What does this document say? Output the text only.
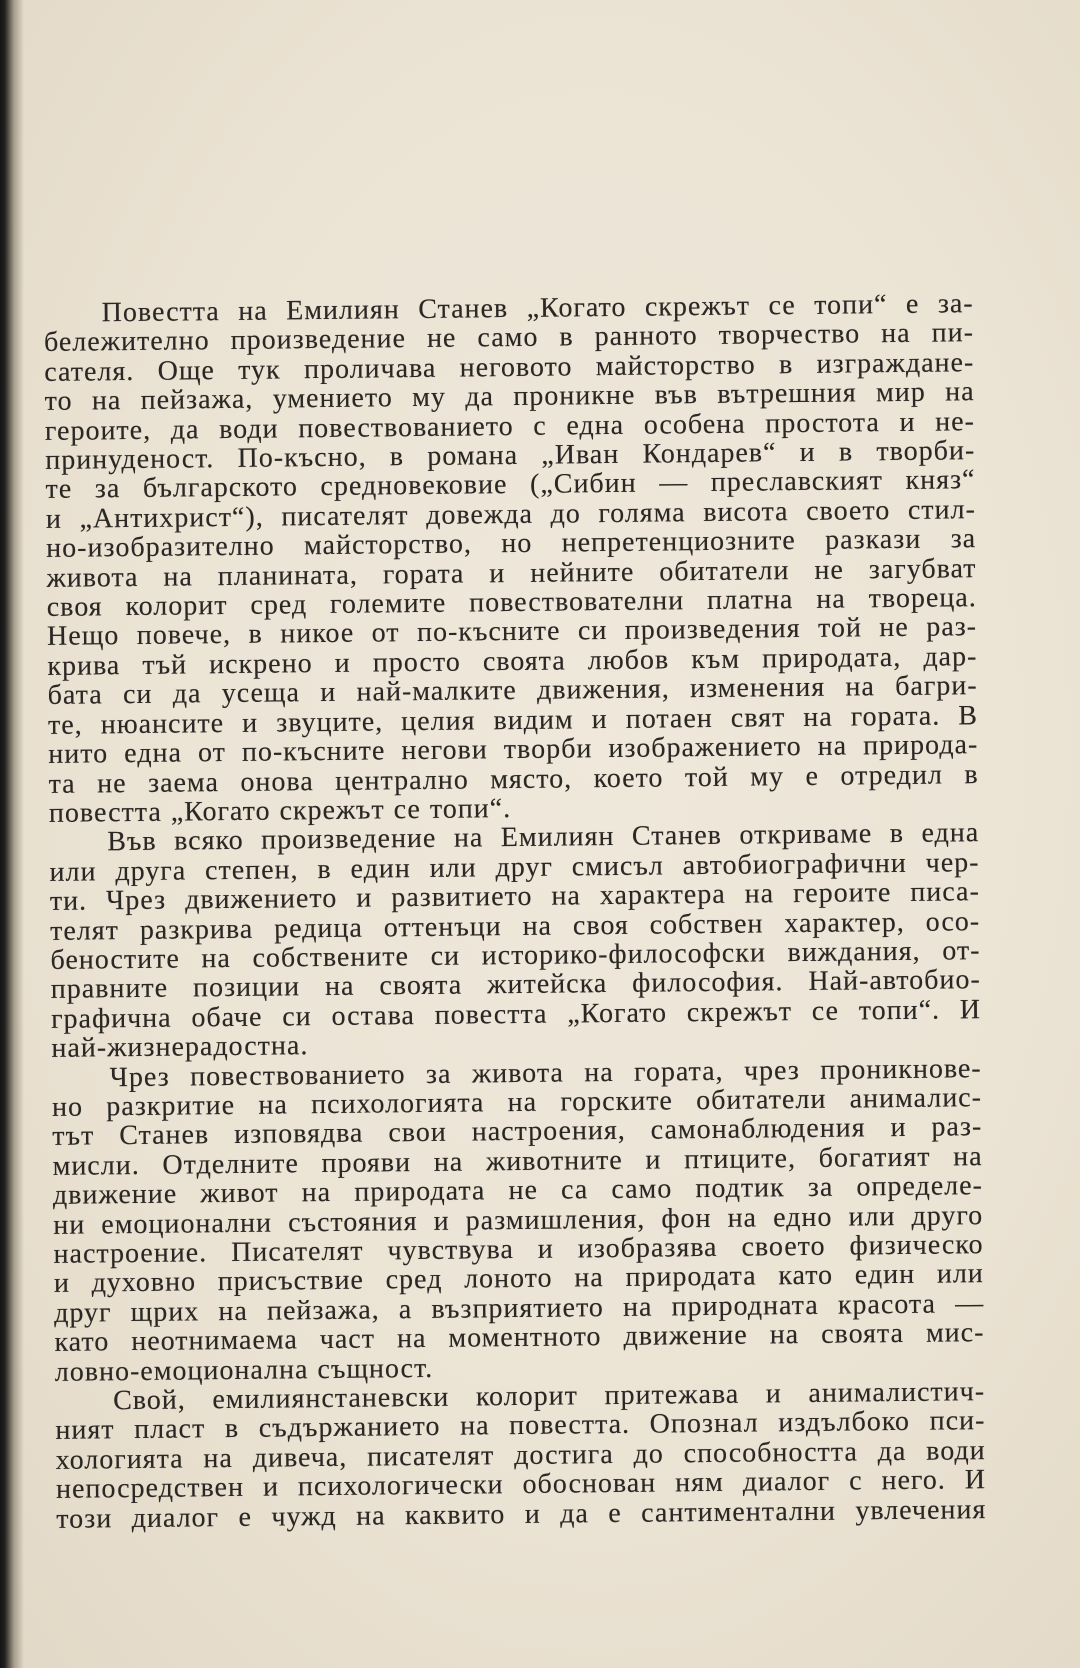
Повестта на Емилиян Станев „Когато скрежът се топи“ е за-
бележително произведение не само в ранното творчество на пи-
сателя. Още тук проличава неговото майсторство в изграждане-
то на пейзажа, умението му да проникне във вътрешния мир на
героите, да води повествованието с една особена простота и не-
принуденост. По-късно, в романа „Иван Кондарев“ и в творби-
те за българското средновековие („Сибин — преславският княз“
и „Антихрист“), писателят довежда до голяма висота своето стил-
но-изобразително майсторство, но непретенциозните разкази за
живота на планината, гората и нейните обитатели не загубват
своя колорит сред големите повествователни платна на твореца.
Нещо повече, в никое от по-късните си произведения той не раз-
крива тъй искрено и просто своята любов към природата, дар-
бата си да усеща и най-малките движения, изменения на багри-
те, нюансите и звуците, целия видим и потаен свят на гората. В
нито една от по-късните негови творби изображението на природа-
та не заема онова централно място, което той му е отредил в
повестта „Когато скрежът се топи“.
Във всяко произведение на Емилиян Станев откриваме в една
или друга степен, в един или друг смисъл автобиографични чер-
ти. Чрез движението и развитието на характера на героите писа-
телят разкрива редица оттенъци на своя собствен характер, осо-
беностите на собствените си историко-философски виждания, от-
правните позиции на своята житейска философия. Най-автобио-
графична обаче си остава повестта „Когато скрежът се топи“. И
най-жизнерадостна.
Чрез повествованието за живота на гората, чрез проникнове-
но разкритие на психологията на горските обитатели анималис-
тът Станев изповядва свои настроения, самонаблюдения и раз-
мисли. Отделните прояви на животните и птиците, богатият на
движение живот на природата не са само подтик за определе-
ни емоционални състояния и размишления, фон на едно или друго
настроение. Писателят чувствува и изобразява своето физическо
и духовно присъствие сред лоното на природата като един или
друг щрих на пейзажа, а възприятието на природната красота —
като неотнимаема част на моментното движение на своята мис-
ловно-емоционална същност.
Свой, емилиянстаневски колорит притежава и анималистич-
ният пласт в съдържанието на повестта. Опознал издълбоко пси-
хологията на дивеча, писателят достига до способността да води
непосредствен и психологически обоснован ням диалог с него. И
този диалог е чужд на каквито и да е сантиментални увлечения
